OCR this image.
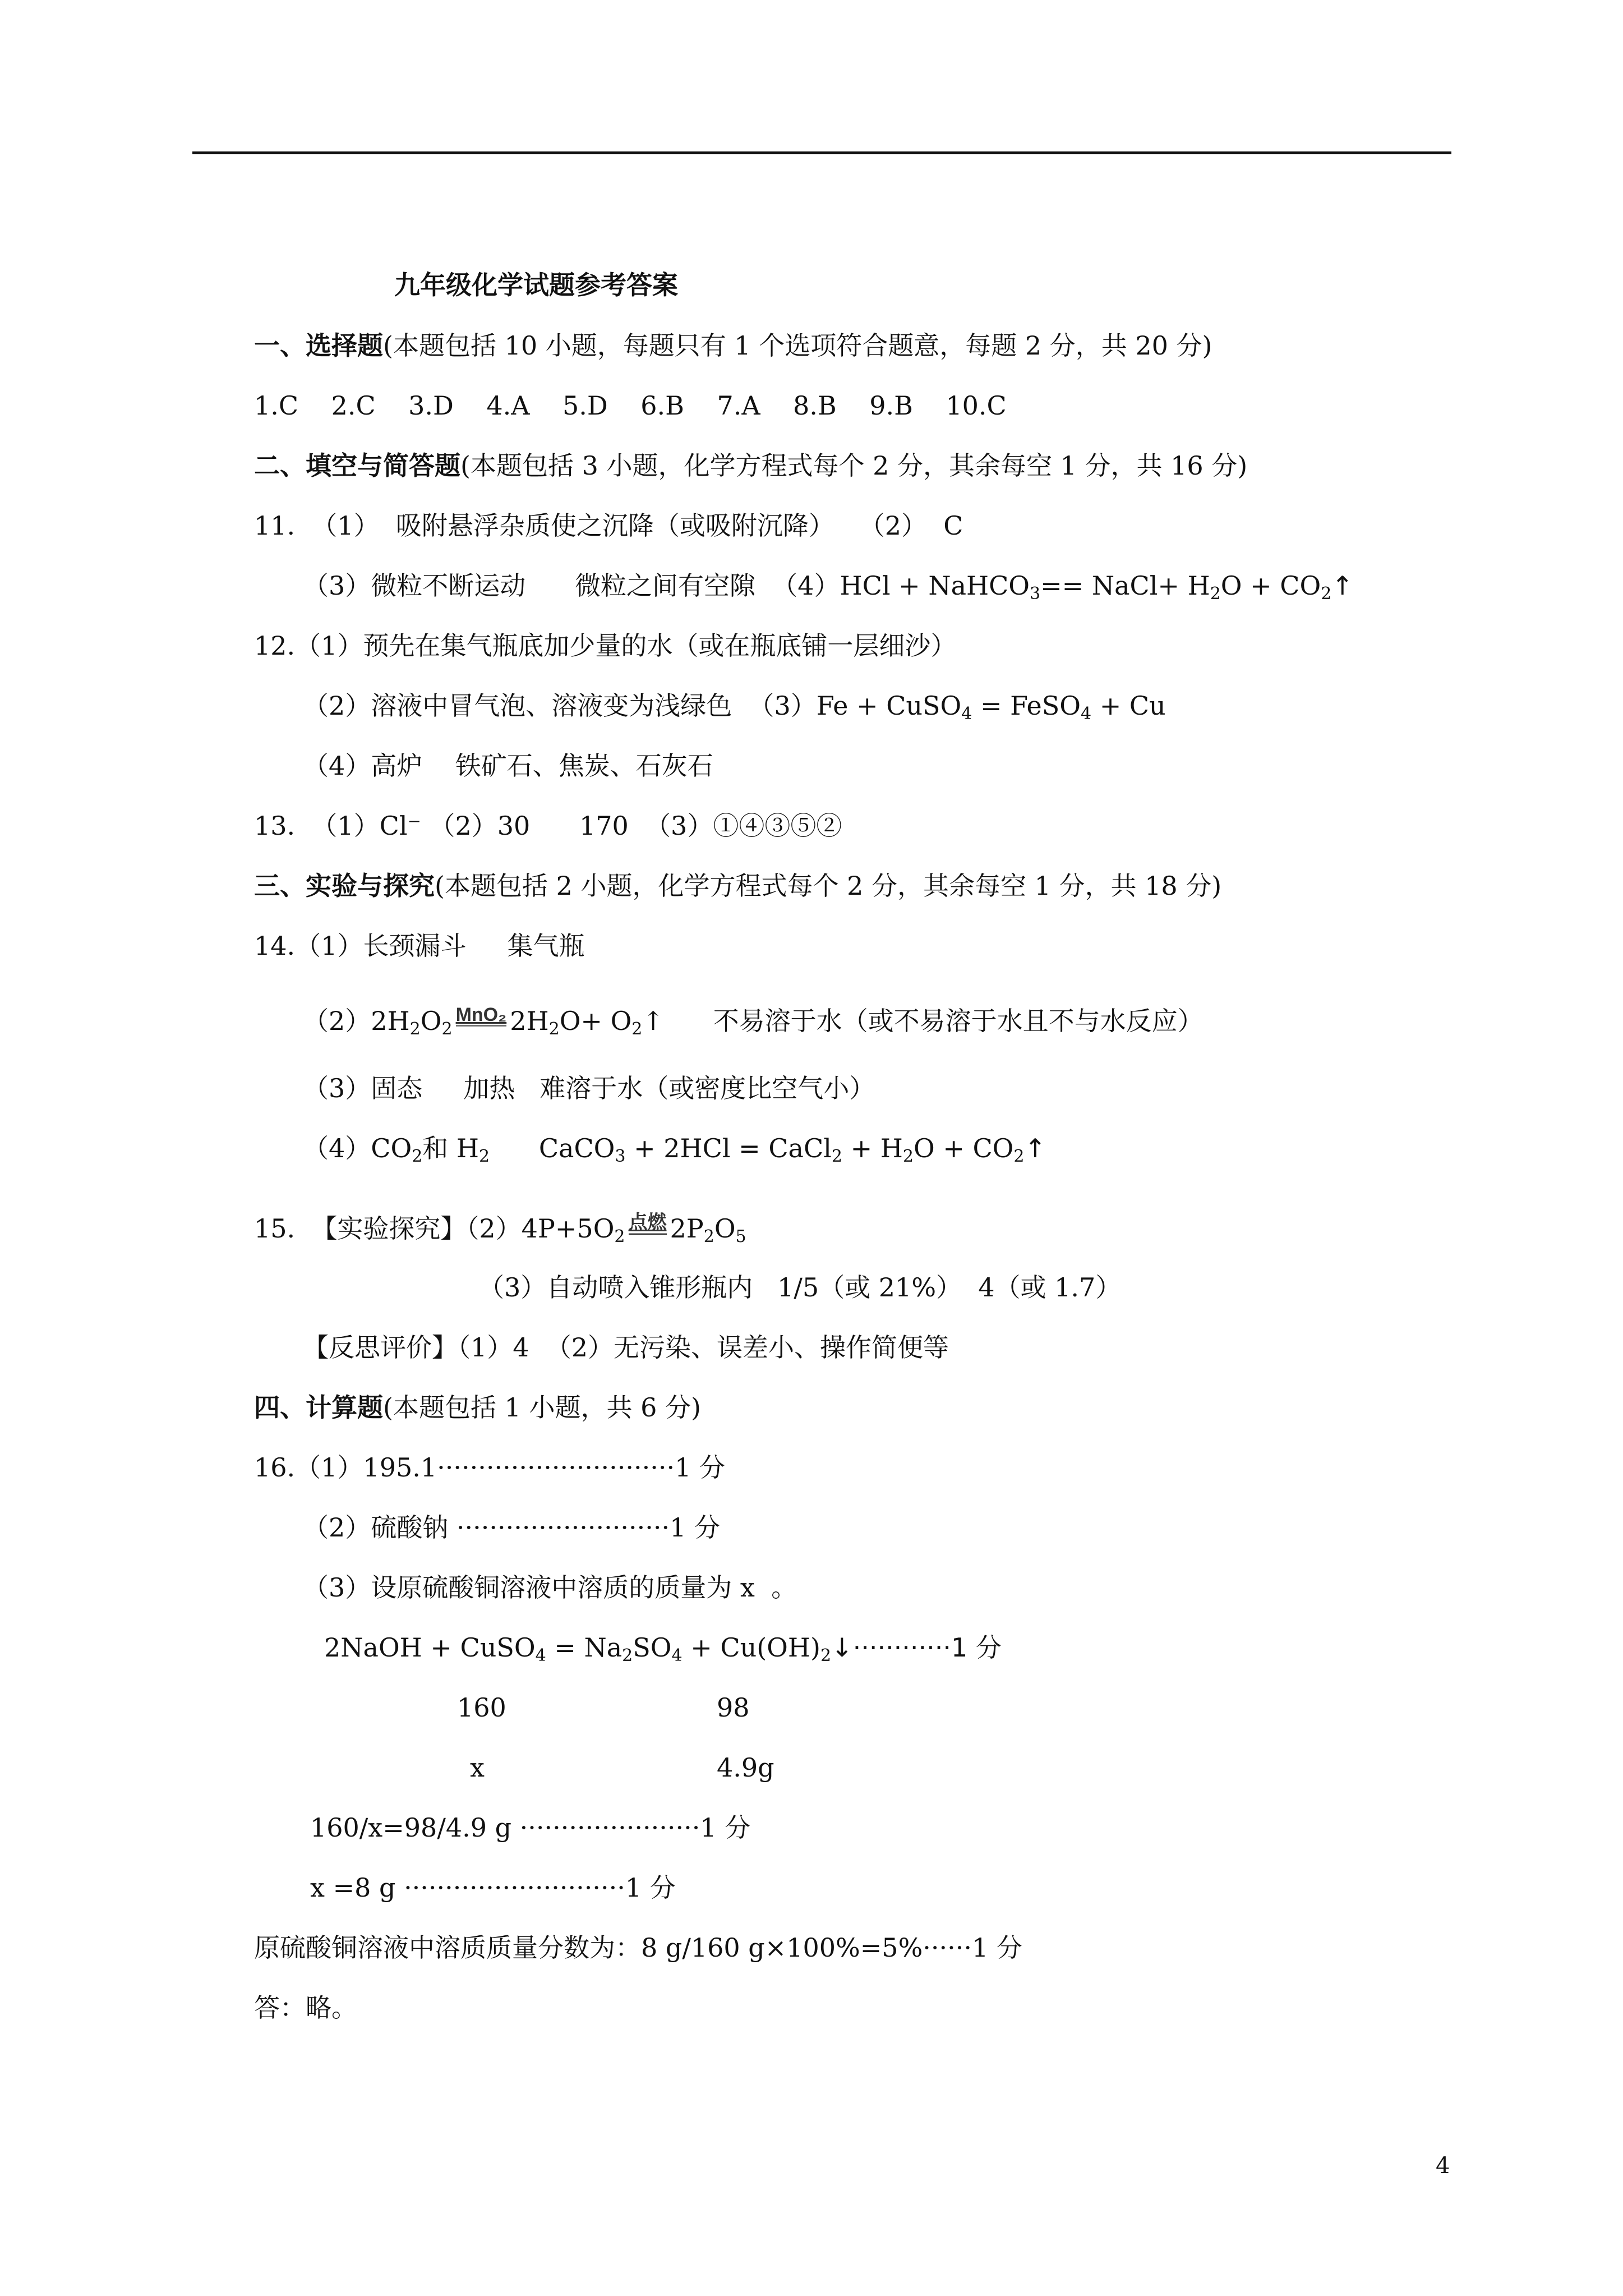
九年级化学试题参考答案
一、选择题(本题包括 10 小题，每题只有 1 个选项符合题意，每题 2 分，共 20 分)
1.C    2.C    3.D    4.A    5.D    6.B    7.A    8.B    9.B    10.C
二、填空与简答题(本题包括 3 小题，化学方程式每个 2 分，其余每空 1 分，共 16 分)
11.  （1）  吸附悬浮杂质使之沉降（或吸附沉降）   （2）  C
（3）微粒不断运动      微粒之间有空隙  （4）HCl + NaHCO$_3$== NaCl+ $H_2O$ + $CO_2↑$
12.（1）预先在集气瓶底加少量的水（或在瓶底铺一层细沙）
（2）溶液中冒气泡、溶液变为浅绿色  （3）Fe + CuSO$_4$ = FeSO$_4$ + Cu
（4）高炉    铁矿石、焦炭、石灰石
13.  （1）Cl⁻ （2）30      170  （3）①④③⑤②
三、实验与探究(本题包括 2 小题，化学方程式每个 2 分，其余每空 1 分，共 18 分)
14.（1）长颈漏斗     集气瓶
$(2)2H_2O_2$
MnO₂ $2H_2O+$ $O_2↑$      不易溶于水（或不易溶于水且不与水反应）
（3）固态     加热   难溶于水（或密度比空气小）
$(4)CO_2$和 $H_2$      CaCO$_3$ + 2HCl = CaCl$_2$ + $H_2O$ + $CO_2↑$
15.  【实验探究】$(2)4P+5O_2$
点燃 $2P_2O_5$
（3）自动喷入锥形瓶内   1/5（或 21%）  4（或 1.7）
【反思评价】（1）4  （2）无污染、误差小、操作简便等
四、计算题(本题包括 1 小题，共 6 分)
16.（1）195.1·····························1 分
（2）硫酸钠 ··························1 分
（3）设原硫酸铜溶液中溶质的质量为 x  。
2NaOH + CuSO$_4$ = $Na_2SO_4$ + $Cu(OH)_2↓\cdot\cdot\cdot\cdot\cdot\cdot\cdot\cdot\cdot\cdot\cdot\cdot 1$ 分
160	98
x	4.9g
160/x=98/4.9 g ······················1 分
x =8 g ···························1 分
原硫酸铜溶液中溶质质量分数为：8 g/160 g×100%=5%······1 分
答：略。
4
